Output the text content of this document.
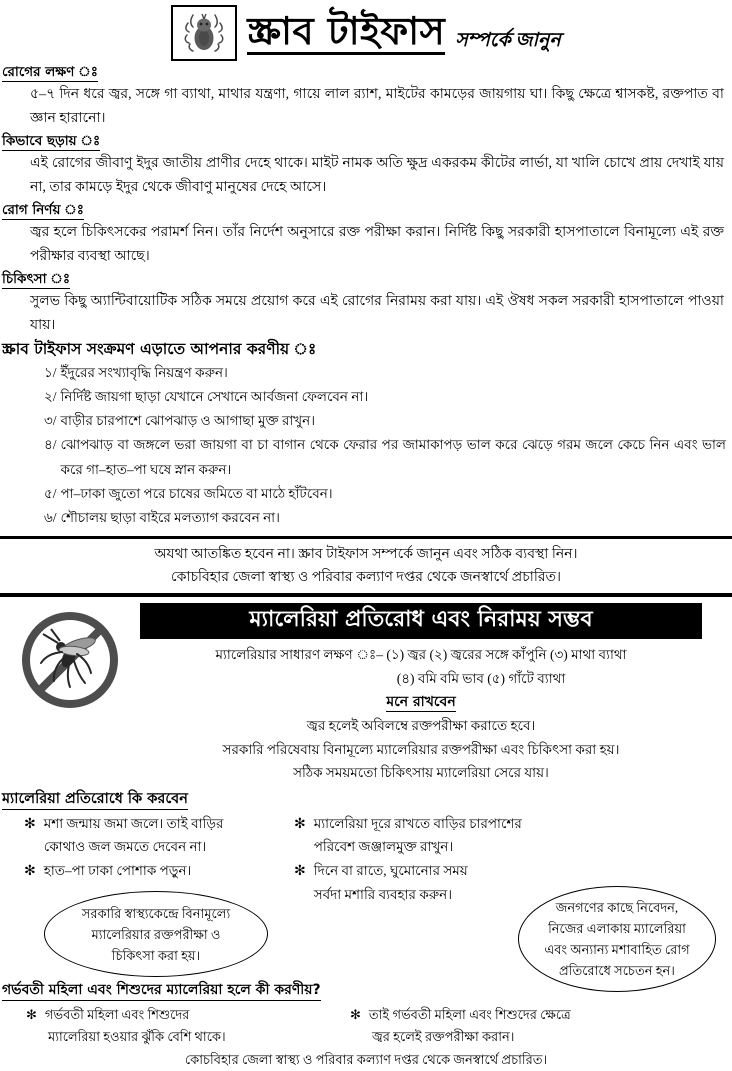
স্ক্রাব টাইফাস সম্পর্কে জানুন
রোগের লক্ষণ ঃ
৫–৭ দিন ধরে জ্বর, সঙ্গে গা ব্যাথা, মাথার যন্ত্রণা, গায়ে লাল র‍্যাশ, মাইটের কামড়ের জায়গায় ঘা। কিছু ক্ষেত্রে শ্বাসকষ্ট, রক্তপাত বা জ্ঞান হারানো।
কিভাবে ছড়ায় ঃ
এই রোগের জীবাণু ইদুর জাতীয় প্রাণীর দেহে থাকে। মাইট নামক অতি ক্ষুদ্র একরকম কীটের লার্ভা, যা খালি চোখে প্রায় দেখাই যায় না, তার কামড়ে ইদুর থেকে জীবাণু মানুষের দেহে আসে।
রোগ নির্ণয় ঃ
জ্বর হলে চিকিৎসকের পরামর্শ নিন। তাঁর নির্দেশ অনুসারে রক্ত পরীক্ষা করান। নির্দিষ্ট কিছু সরকারী হাসপাতালে বিনামূল্যে এই রক্ত পরীক্ষার ব্যবস্থা আছে।
চিকিৎসা ঃ
সুলভ কিছু অ্যান্টিবায়োটিক সঠিক সময়ে প্রয়োগ করে এই রোগের নিরাময় করা যায়। এই ঔষধ সকল সরকারী হাসপাতালে পাওয়া যায়।
স্ক্রাব টাইফাস সংক্রমণ এড়াতে আপনার করণীয় ঃ
১/ ইঁদুরের সংখ্যাবৃদ্ধি নিয়ন্ত্রণ করুন।
২/ নির্দিষ্ট জায়গা ছাড়া যেখানে সেখানে আর্বজনা ফেলবেন না।
৩/ বাড়ীর চারপাশে ঝোপঝাড় ও আগাছা মুক্ত রাখুন।
৪/ ঝোপঝাড় বা জঙ্গলে ভরা জায়গা বা চা বাগান থেকে ফেরার পর জামাকাপড় ভাল করে ঝেড়ে গরম জলে কেচে নিন এবং ভাল করে গা–হাত–পা ঘষে স্নান করুন।
৫/ পা–ঢাকা জুতো পরে চাষের জমিতে বা মাঠে হাঁটবেন।
৬/ শৌচালয় ছাড়া বাইরে মলত্যাগ করবেন না।
অযথা আতঙ্কিত হবেন না। স্ক্রাব টাইফাস সম্পর্কে জানুন এবং সঠিক ব্যবস্থা নিন।
কোচবিহার জেলা স্বাস্থ্য ও পরিবার কল্যাণ দপ্তর থেকে জনস্বার্থে প্রচারিত।
ম্যালেরিয়া প্রতিরোধ এবং নিরাময় সম্ভব
ম্যালেরিয়ার সাধারণ লক্ষণ ঃ– (১) জ্বর (২) জ্বরের সঙ্গে কাঁপুনি (৩) মাথা ব্যাথা
(৪) বমি বমি ভাব (৫) গাঁটে ব্যাথা
মনে রাখবেন
জ্বর হলেই অবিলম্বে রক্তপরীক্ষা করাতে হবে।
সরকারি পরিষেবায় বিনামূল্যে ম্যালেরিয়ার রক্তপরীক্ষা এবং চিকিৎসা করা হয়।
সঠিক সময়মতো চিকিৎসায় ম্যালেরিয়া সেরে যায়।
ম্যালেরিয়া প্রতিরোধে কি করবেন
✻ মশা জন্মায় জমা জলে। তাই বাড়ির
কোথাও জল জমতে দেবেন না।
✻ হাত–পা ঢাকা পোশাক পড়ুন।
সরকারি স্বাস্থ্যকেন্দ্রে বিনামূল্যে
ম্যালেরিয়ার রক্তপরীক্ষা ও
চিকিৎসা করা হয়।
✻ ম্যালেরিয়া দূরে রাখতে বাড়ির চারপাশের
পরিবেশ জঞ্জালমুক্ত রাখুন।
✻ দিনে বা রাতে, ঘুমোনোর সময়
সর্বদা মশারি ব্যবহার করুন।
জনগণের কাছে নিবেদন,
নিজের এলাকায় ম্যালেরিয়া
এবং অন্যান্য মশাবাহিত রোগ
প্রতিরোধে সচেতন হন।
গর্ভবতী মহিলা এবং শিশুদের ম্যালেরিয়া হলে কী করণীয়?
✻ গর্ভবতী মহিলা এবং শিশুদের
ম্যালেরিয়া হওয়ার ঝুঁকি বেশি থাকে।
✻ তাই গর্ভবতী মহিলা এবং শিশুদের ক্ষেত্রে
জ্বর হলেই রক্তপরীক্ষা করান।
কোচবিহার জেলা স্বাস্থ্য ও পরিবার কল্যাণ দপ্তর থেকে জনস্বার্থে প্রচারিত।
